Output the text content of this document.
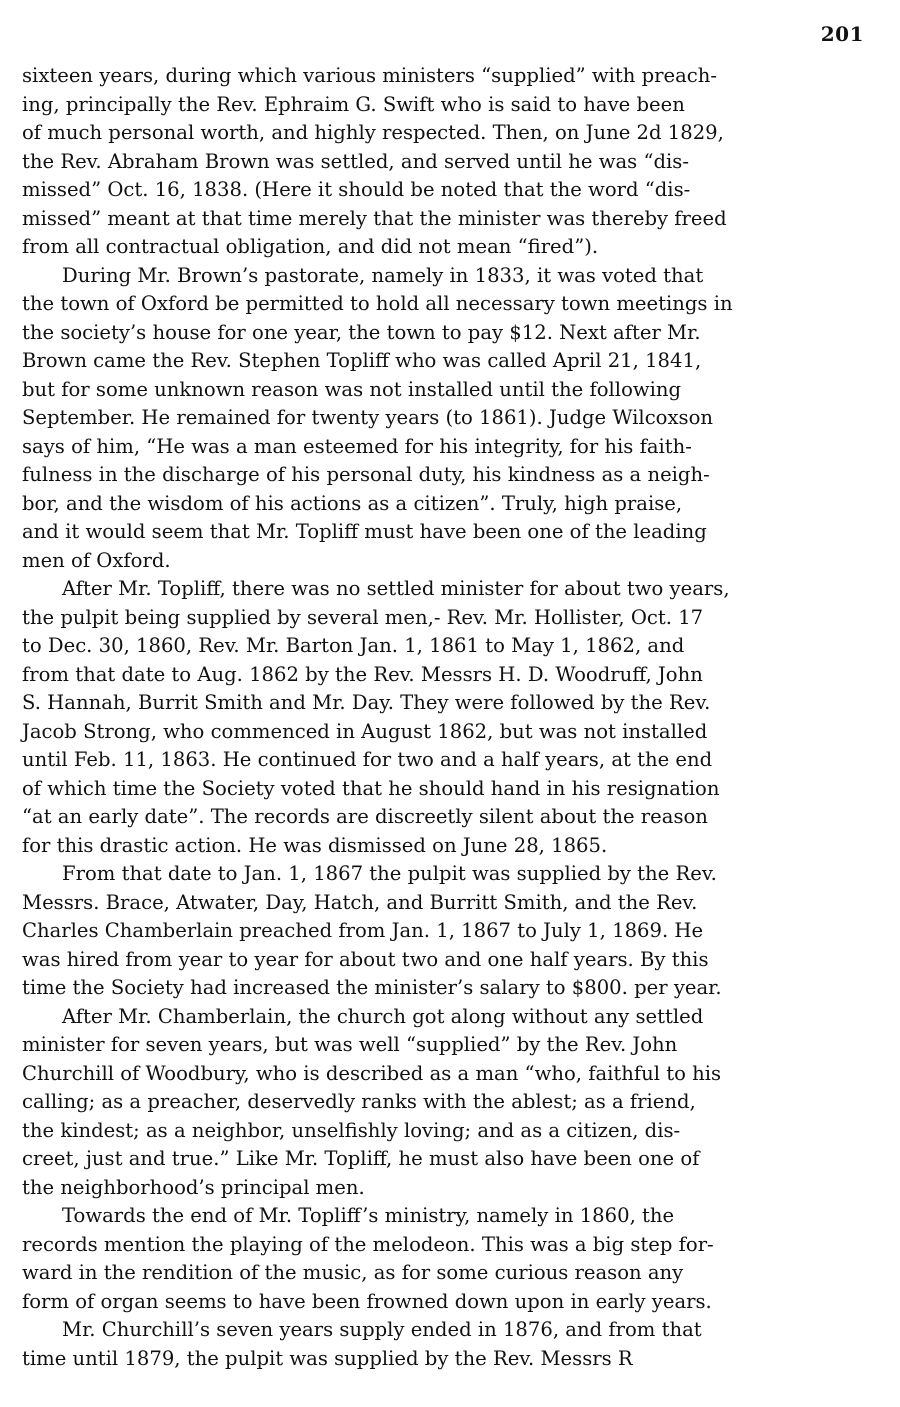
201
sixteen years, during which various ministers “supplied” with preach-
ing, principally the Rev. Ephraim G. Swift who is said to have been
of much personal worth, and highly respected. Then, on June 2d 1829,
the Rev. Abraham Brown was settled, and served until he was “dis-
missed” Oct. 16, 1838. (Here it should be noted that the word “dis-
missed” meant at that time merely that the minister was thereby freed
from all contractual obligation, and did not mean “fired”).
During Mr. Brown’s pastorate, namely in 1833, it was voted that
the town of Oxford be permitted to hold all necessary town meetings in
the society’s house for one year, the town to pay $12. Next after Mr.
Brown came the Rev. Stephen Topliff who was called April 21, 1841,
but for some unknown reason was not installed until the following
September. He remained for twenty years (to 1861). Judge Wilcoxson
says of him, “He was a man esteemed for his integrity, for his faith-
fulness in the discharge of his personal duty, his kindness as a neigh-
bor, and the wisdom of his actions as a citizen”. Truly, high praise,
and it would seem that Mr. Topliff must have been one of the leading
men of Oxford.
After Mr. Topliff, there was no settled minister for about two years,
the pulpit being supplied by several men,- Rev. Mr. Hollister, Oct. 17
to Dec. 30, 1860, Rev. Mr. Barton Jan. 1, 1861 to May 1, 1862, and
from that date to Aug. 1862 by the Rev. Messrs H. D. Woodruff, John
S. Hannah, Burrit Smith and Mr. Day. They were followed by the Rev.
Jacob Strong, who commenced in August 1862, but was not installed
until Feb. 11, 1863. He continued for two and a half years, at the end
of which time the Society voted that he should hand in his resignation
“at an early date”. The records are discreetly silent about the reason
for this drastic action. He was dismissed on June 28, 1865.
From that date to Jan. 1, 1867 the pulpit was supplied by the Rev.
Messrs. Brace, Atwater, Day, Hatch, and Burritt Smith, and the Rev.
Charles Chamberlain preached from Jan. 1, 1867 to July 1, 1869. He
was hired from year to year for about two and one half years. By this
time the Society had increased the minister’s salary to $800. per year.
After Mr. Chamberlain, the church got along without any settled
minister for seven years, but was well “supplied” by the Rev. John
Churchill of Woodbury, who is described as a man “who, faithful to his
calling; as a preacher, deservedly ranks with the ablest; as a friend,
the kindest; as a neighbor, unselfishly loving; and as a citizen, dis-
creet, just and true.” Like Mr. Topliff, he must also have been one of
the neighborhood’s principal men.
Towards the end of Mr. Topliff’s ministry, namely in 1860, the
records mention the playing of the melodeon. This was a big step for-
ward in the rendition of the music, as for some curious reason any
form of organ seems to have been frowned down upon in early years.
Mr. Churchill’s seven years supply ended in 1876, and from that
time until 1879, the pulpit was supplied by the Rev. Messrs R
